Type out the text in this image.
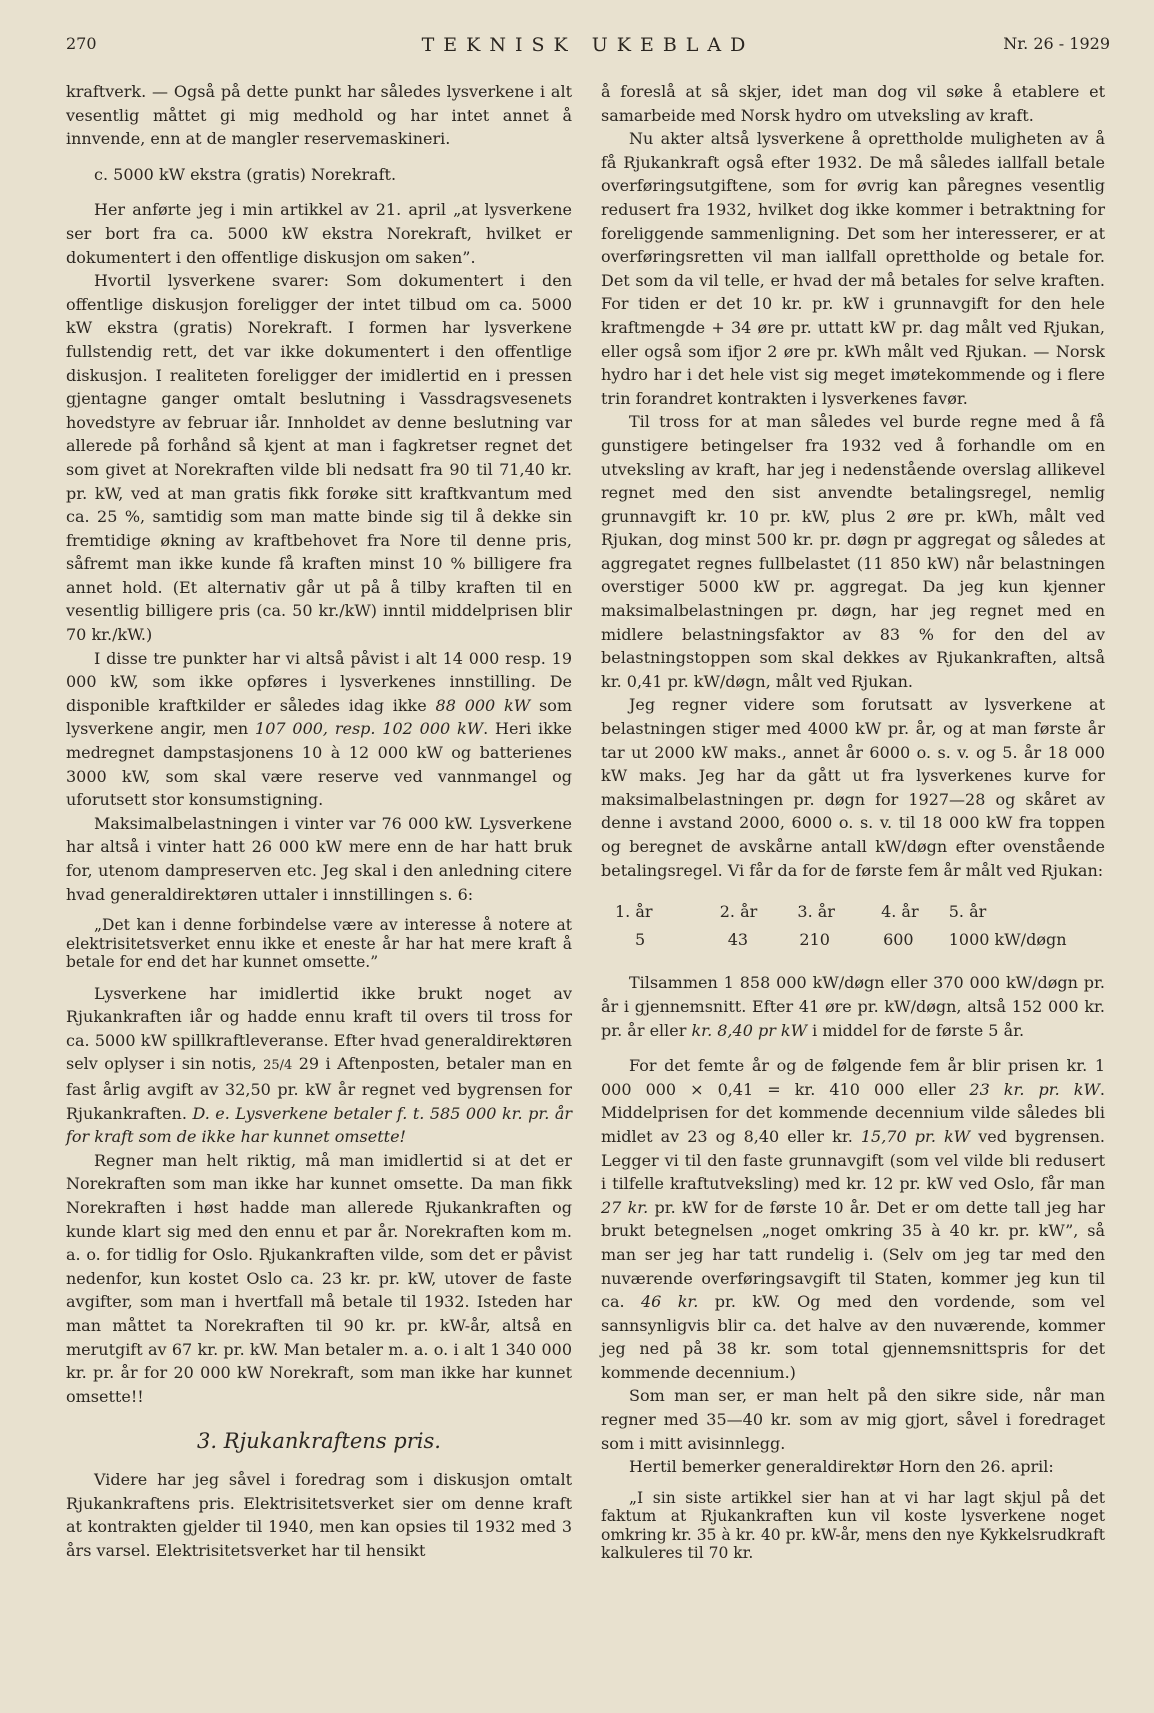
270	TEKNISK UKEBLAD	Nr. 26 - 1929

kraftverk. — Også på dette punkt har således lysverkene i alt vesentlig måttet gi mig medhold og har intet annet å innvende, enn at de mangler reservemaskineri.

c. 5000 kW ekstra (gratis) Norekraft.

Her anførte jeg i min artikkel av 21. april „at lysverkene ser bort fra ca. 5000 kW ekstra Norekraft, hvilket er dokumentert i den offentlige diskusjon om saken”.

Hvortil lysverkene svarer: Som dokumentert i den offentlige diskusjon foreligger der intet tilbud om ca. 5000 kW ekstra (gratis) Norekraft. I formen har lysverkene fullstendig rett, det var ikke dokumentert i den offentlige diskusjon. I realiteten foreligger der imidlertid en i pressen gjentagne ganger omtalt beslutning i Vassdragsvesenets hovedstyre av februar iår. Innholdet av denne beslutning var allerede på forhånd så kjent at man i fagkretser regnet det som givet at Norekraften vilde bli nedsatt fra 90 til 71,40 kr. pr. kW, ved at man gratis fikk forøke sitt kraftkvantum med ca. 25 %, samtidig som man matte binde sig til å dekke sin fremtidige økning av kraftbehovet fra Nore til denne pris, såfremt man ikke kunde få kraften minst 10 % billigere fra annet hold. (Et alternativ går ut på å tilby kraften til en vesentlig billigere pris (ca. 50 kr./kW) inntil middelprisen blir 70 kr./kW.)

I disse tre punkter har vi altså påvist i alt 14 000 resp. 19 000 kW, som ikke opføres i lysverkenes innstilling. De disponible kraftkilder er således idag ikke 88 000 kW som lysverkene angir, men 107 000, resp. 102 000 kW. Heri ikke medregnet dampstasjonens 10 à 12 000 kW og batterienes 3000 kW, som skal være reserve ved vannmangel og uforutsett stor konsumstigning.

Maksimalbelastningen i vinter var 76 000 kW. Lysverkene har altså i vinter hatt 26 000 kW mere enn de har hatt bruk for, utenom dampreserven etc. Jeg skal i den anledning citere hvad generaldirektøren uttaler i innstillingen s. 6:

„Det kan i denne forbindelse være av interesse å notere at elektrisitetsverket ennu ikke et eneste år har hat mere kraft å betale for end det har kunnet omsette.”

Lysverkene har imidlertid ikke brukt noget av Rjukankraften iår og hadde ennu kraft til overs til tross for ca. 5000 kW spillkraftleveranse. Efter hvad generaldirektøren selv oplyser i sin notis, 25/4 29 i Aftenposten, betaler man en fast årlig avgift av 32,50 pr. kW år regnet ved bygrensen for Rjukankraften. D. e. Lysverkene betaler f. t. 585 000 kr. pr. år for kraft som de ikke har kunnet omsette!

Regner man helt riktig, må man imidlertid si at det er Norekraften som man ikke har kunnet omsette. Da man fikk Norekraften i høst hadde man allerede Rjukankraften og kunde klart sig med den ennu et par år. Norekraften kom m. a. o. for tidlig for Oslo. Rjukankraften vilde, som det er påvist nedenfor, kun kostet Oslo ca. 23 kr. pr. kW, utover de faste avgifter, som man i hvertfall må betale til 1932. Isteden har man måttet ta Norekraften til 90 kr. pr. kW-år, altså en merutgift av 67 kr. pr. kW. Man betaler m. a. o. i alt 1 340 000 kr. pr. år for 20 000 kW Norekraft, som man ikke har kunnet omsette!!

3. Rjukankraftens pris.

Videre har jeg såvel i foredrag som i diskusjon omtalt Rjukankraftens pris. Elektrisitetsverket sier om denne kraft at kontrakten gjelder til 1940, men kan opsies til 1932 med 3 års varsel. Elektrisitetsverket har til hensikt

å foreslå at så skjer, idet man dog vil søke å etablere et samarbeide med Norsk hydro om utveksling av kraft.

Nu akter altså lysverkene å oprettholde muligheten av å få Rjukankraft også efter 1932. De må således iallfall betale overføringsutgiftene, som for øvrig kan påregnes vesentlig redusert fra 1932, hvilket dog ikke kommer i betraktning for foreliggende sammenligning. Det som her interesserer, er at overføringsretten vil man iallfall oprettholde og betale for. Det som da vil telle, er hvad der må betales for selve kraften. For tiden er det 10 kr. pr. kW i grunnavgift for den hele kraftmengde + 34 øre pr. uttatt kW pr. dag målt ved Rjukan, eller også som ifjor 2 øre pr. kWh målt ved Rjukan. — Norsk hydro har i det hele vist sig meget imøtekommende og i flere trin forandret kontrakten i lysverkenes favør.

Til tross for at man således vel burde regne med å få gunstigere betingelser fra 1932 ved å forhandle om en utveksling av kraft, har jeg i nedenstående overslag allikevel regnet med den sist anvendte betalingsregel, nemlig grunnavgift kr. 10 pr. kW, plus 2 øre pr. kWh, målt ved Rjukan, dog minst 500 kr. pr. døgn pr aggregat og således at aggregatet regnes fullbelastet (11 850 kW) når belastningen overstiger 5000 kW pr. aggregat. Da jeg kun kjenner maksimalbelastningen pr. døgn, har jeg regnet med en midlere belastningsfaktor av 83 % for den del av belastningstoppen som skal dekkes av Rjukankraften, altså kr. 0,41 pr. kW/døgn, målt ved Rjukan.

Jeg regner videre som forutsatt av lysverkene at belastningen stiger med 4000 kW pr. år, og at man første år tar ut 2000 kW maks., annet år 6000 o. s. v. og 5. år 18 000 kW maks. Jeg har da gått ut fra lysverkenes kurve for maksimalbelastningen pr. døgn for 1927—28 og skåret av denne i avstand 2000, 6000 o. s. v. til 18 000 kW fra toppen og beregnet de avskårne antall kW/døgn efter ovenstående betalingsregel. Vi får da for de første fem år målt ved Rjukan:

1. år	2. år	3. år	4. år	5. år
5	43	210	600	1000 kW/døgn

Tilsammen 1 858 000 kW/døgn eller 370 000 kW/døgn pr. år i gjennemsnitt. Efter 41 øre pr. kW/døgn, altså 152 000 kr. pr. år eller kr. 8,40 pr kW i middel for de første 5 år.

For det femte år og de følgende fem år blir prisen kr. 1 000 000 × 0,41 = kr. 410 000 eller 23 kr. pr. kW. Middelprisen for det kommende decennium vilde således bli midlet av 23 og 8,40 eller kr. 15,70 pr. kW ved bygrensen. Legger vi til den faste grunnavgift (som vel vilde bli redusert i tilfelle kraftutveksling) med kr. 12 pr. kW ved Oslo, får man 27 kr. pr. kW for de første 10 år. Det er om dette tall jeg har brukt betegnelsen „noget omkring 35 à 40 kr. pr. kW”, så man ser jeg har tatt rundelig i. (Selv om jeg tar med den nuværende overføringsavgift til Staten, kommer jeg kun til ca. 46 kr. pr. kW. Og med den vordende, som vel sannsynligvis blir ca. det halve av den nuværende, kommer jeg ned på 38 kr. som total gjennemsnittspris for det kommende decennium.)

Som man ser, er man helt på den sikre side, når man regner med 35—40 kr. som av mig gjort, såvel i foredraget som i mitt avisinnlegg.

Hertil bemerker generaldirektør Horn den 26. april:

„I sin siste artikkel sier han at vi har lagt skjul på det faktum at Rjukankraften kun vil koste lysverkene noget omkring kr. 35 à kr. 40 pr. kW-år, mens den nye Kykkelsrudkraft kalkuleres til 70 kr.
